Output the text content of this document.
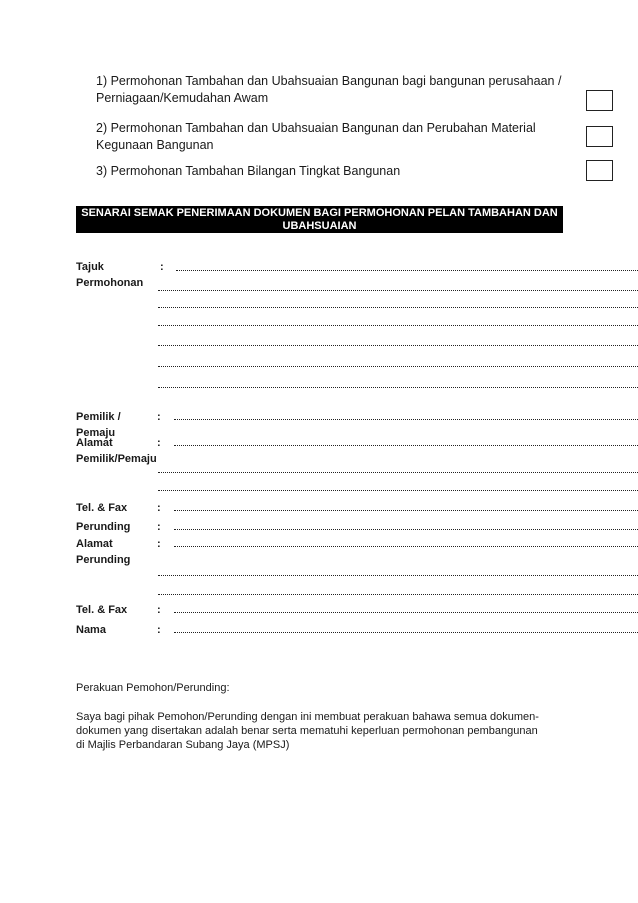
1) Permohonan Tambahan dan Ubahsuaian Bangunan bagi bangunan perusahaan / Perniagaan/Kemudahan Awam
2) Permohonan Tambahan dan Ubahsuaian Bangunan dan Perubahan Material Kegunaan Bangunan
3) Permohonan Tambahan Bilangan Tingkat Bangunan
SENARAI SEMAK PENERIMAAN DOKUMEN BAGI PERMOHONAN PELAN TAMBAHAN DAN UBAHSUAIAN
Tajuk
Permohonan
:
Pemilik /
Pemaju
:
Alamat
Pemilik/Pemaju
:
Tel. & Fax	:
Perunding :
Alamat
Perunding
:
Tel. & Fax	:
Nama	:
Perakuan Pemohon/Perunding:
Saya bagi pihak Pemohon/Perunding dengan ini membuat perakuan bahawa semua dokumen-dokumen yang disertakan adalah benar serta mematuhi keperluan permohonan pembangunan di Majlis Perbandaran Subang Jaya (MPSJ)
